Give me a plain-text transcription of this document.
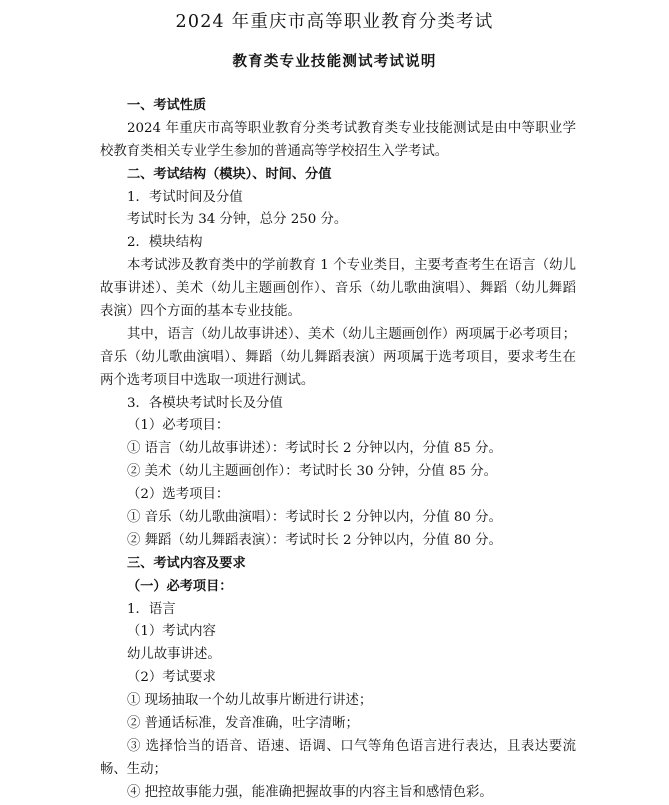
2024 年重庆市高等职业教育分类考试
教育类专业技能测试考试说明
一、考试性质
2024 年重庆市高等职业教育分类考试教育类专业技能测试是由中等职业学
校教育类相关专业学生参加的普通高等学校招生入学考试。
二、考试结构（模块）、时间、分值
1．考试时间及分值
考试时长为 34 分钟，总分 250 分。
2．模块结构
本考试涉及教育类中的学前教育 1 个专业类目，主要考查考生在语言（幼儿
故事讲述）、美术（幼儿主题画创作）、音乐（幼儿歌曲演唱）、舞蹈（幼儿舞蹈
表演）四个方面的基本专业技能。
其中，语言（幼儿故事讲述）、美术（幼儿主题画创作）两项属于必考项目；
音乐（幼儿歌曲演唱）、舞蹈（幼儿舞蹈表演）两项属于选考项目，要求考生在
两个选考项目中选取一项进行测试。
3．各模块考试时长及分值
（1）必考项目：
① 语言（幼儿故事讲述）：考试时长 2 分钟以内，分值 85 分。
② 美术（幼儿主题画创作）：考试时长 30 分钟，分值 85 分。
（2）选考项目：
① 音乐（幼儿歌曲演唱）：考试时长 2 分钟以内，分值 80 分。
② 舞蹈（幼儿舞蹈表演）：考试时长 2 分钟以内，分值 80 分。
三、考试内容及要求
（一）必考项目：
1．语言
（1）考试内容
幼儿故事讲述。
（2）考试要求
① 现场抽取一个幼儿故事片断进行讲述；
② 普通话标准，发音准确，吐字清晰；
③ 选择恰当的语音、语速、语调、口气等角色语言进行表达，且表达要流
畅、生动；
④ 把控故事能力强，能准确把握故事的内容主旨和感情色彩。
